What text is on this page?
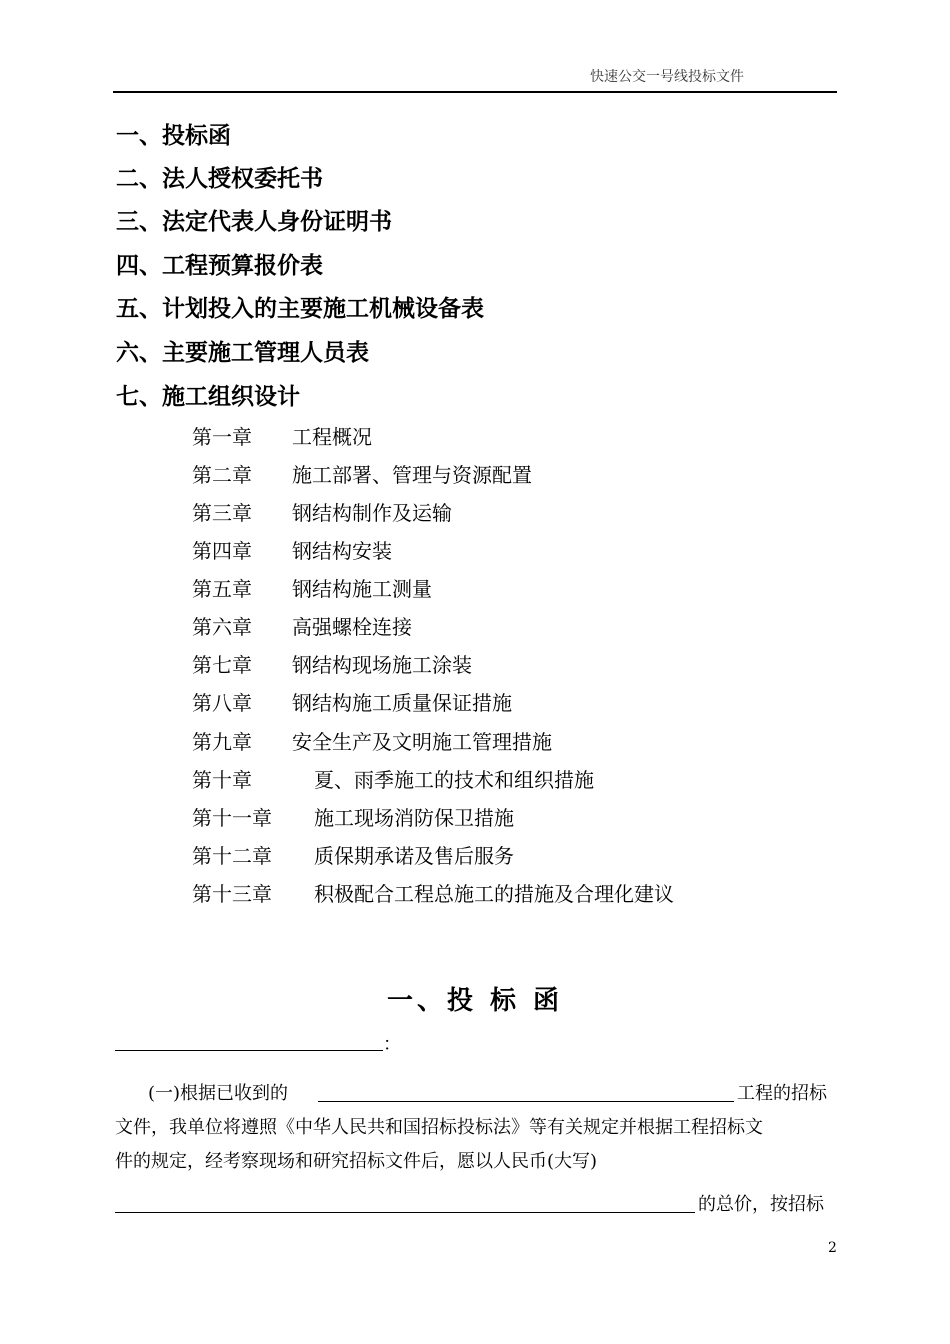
快速公交一号线投标文件
一、投标函
二、法人授权委托书
三、法定代表人身份证明书
四、工程预算报价表
五、计划投入的主要施工机械设备表
六、主要施工管理人员表
七、施工组织设计
第一章 工程概况
第二章 施工部署、管理与资源配置
第三章 钢结构制作及运输
第四章 钢结构安装
第五章 钢结构施工测量
第六章 高强螺栓连接
第七章 钢结构现场施工涂装
第八章 钢结构施工质量保证措施
第九章 安全生产及文明施工管理措施
第十章	夏、雨季施工的技术和组织措施
第十一章 施工现场消防保卫措施
第十二章 质保期承诺及售后服务
第十三章 积极配合工程总施工的措施及合理化建议
一、投 标 函
：
(一)根据已收到的	工程的招标
文件，我单位将遵照《中华人民共和国招标投标法》等有关规定并根据工程招标文
件的规定，经考察现场和研究招标文件后，愿以人民币(大写)
的总价，按招标
2
